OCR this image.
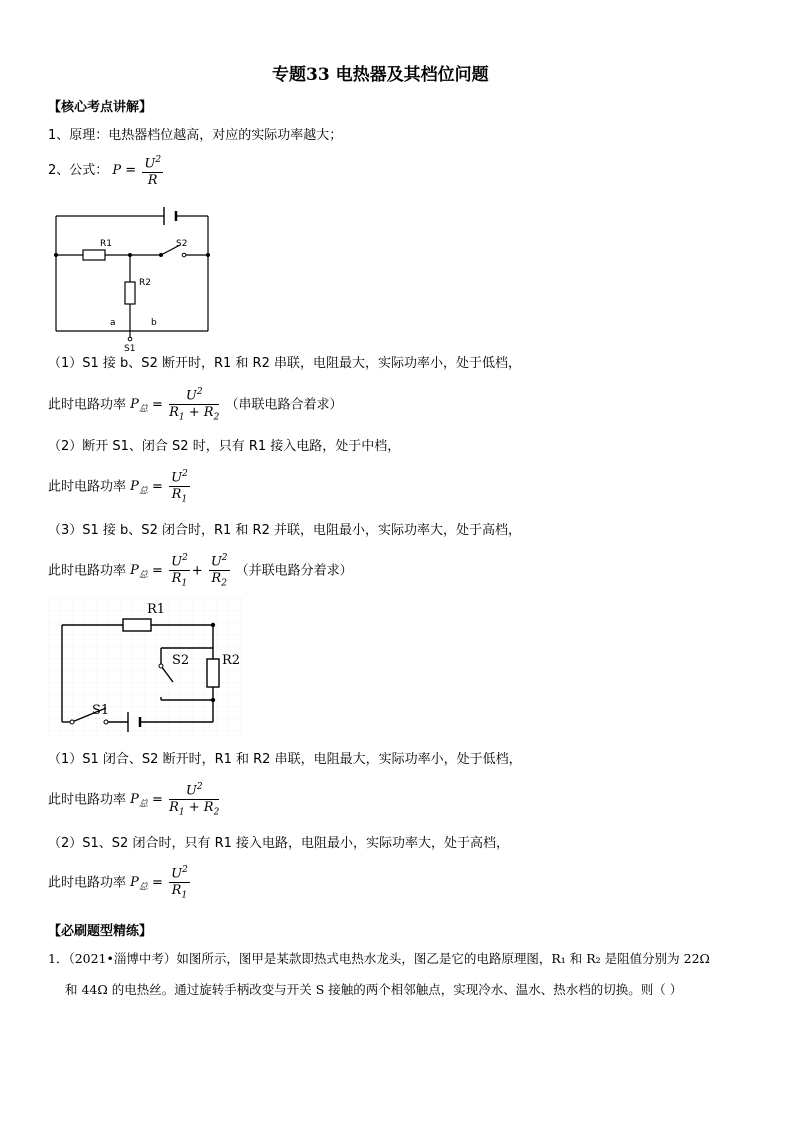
专题33 电热器及其档位问题
【核心考点讲解】
1、原理：电热器档位越高，对应的实际功率越大；
2、公式： $P = \frac{U^2}{R}$
R1
R2
S2
a	b
S1
（1）S1 接 b、S2 断开时，R1 和 R2 串联，电阻最大，实际功率小，处于低档，
此时电路功率 $P_总 = \frac{U^2}{R_1 + R_2}$ （串联电路合着求）
（2）断开 S1、闭合 S2 时，只有 R1 接入电路，处于中档，
此时电路功率 $P_总 = \frac{U^2}{R_1}$
（3）S1 接 b、S2 闭合时，R1 和 R2 并联，电阻最小，实际功率大，处于高档，
此时电路功率 $P_总 = \frac{U^2}{R_1} + \frac{U^2}{R_2}$ （并联电路分着求）
R1
R2
S2
S1
（1）S1 闭合、S2 断开时，R1 和 R2 串联，电阻最大，实际功率小，处于低档，
此时电路功率 $P_总 = \frac{U^2}{R_1 + R_2}$
（2）S1、S2 闭合时，只有 R1 接入电路，电阻最小，实际功率大，处于高档，
此时电路功率 $P_总 = \frac{U^2}{R_1}$
【必刷题型精练】
1．（2021•淄博中考）如图所示，图甲是某款即热式电热水龙头，图乙是它的电路原理图，R₁ 和 R₂ 是阻值分别为 22Ω
和 44Ω 的电热丝。通过旋转手柄改变与开关 S 接触的两个相邻触点，实现冷水、温水、热水档的切换。则（ ）
